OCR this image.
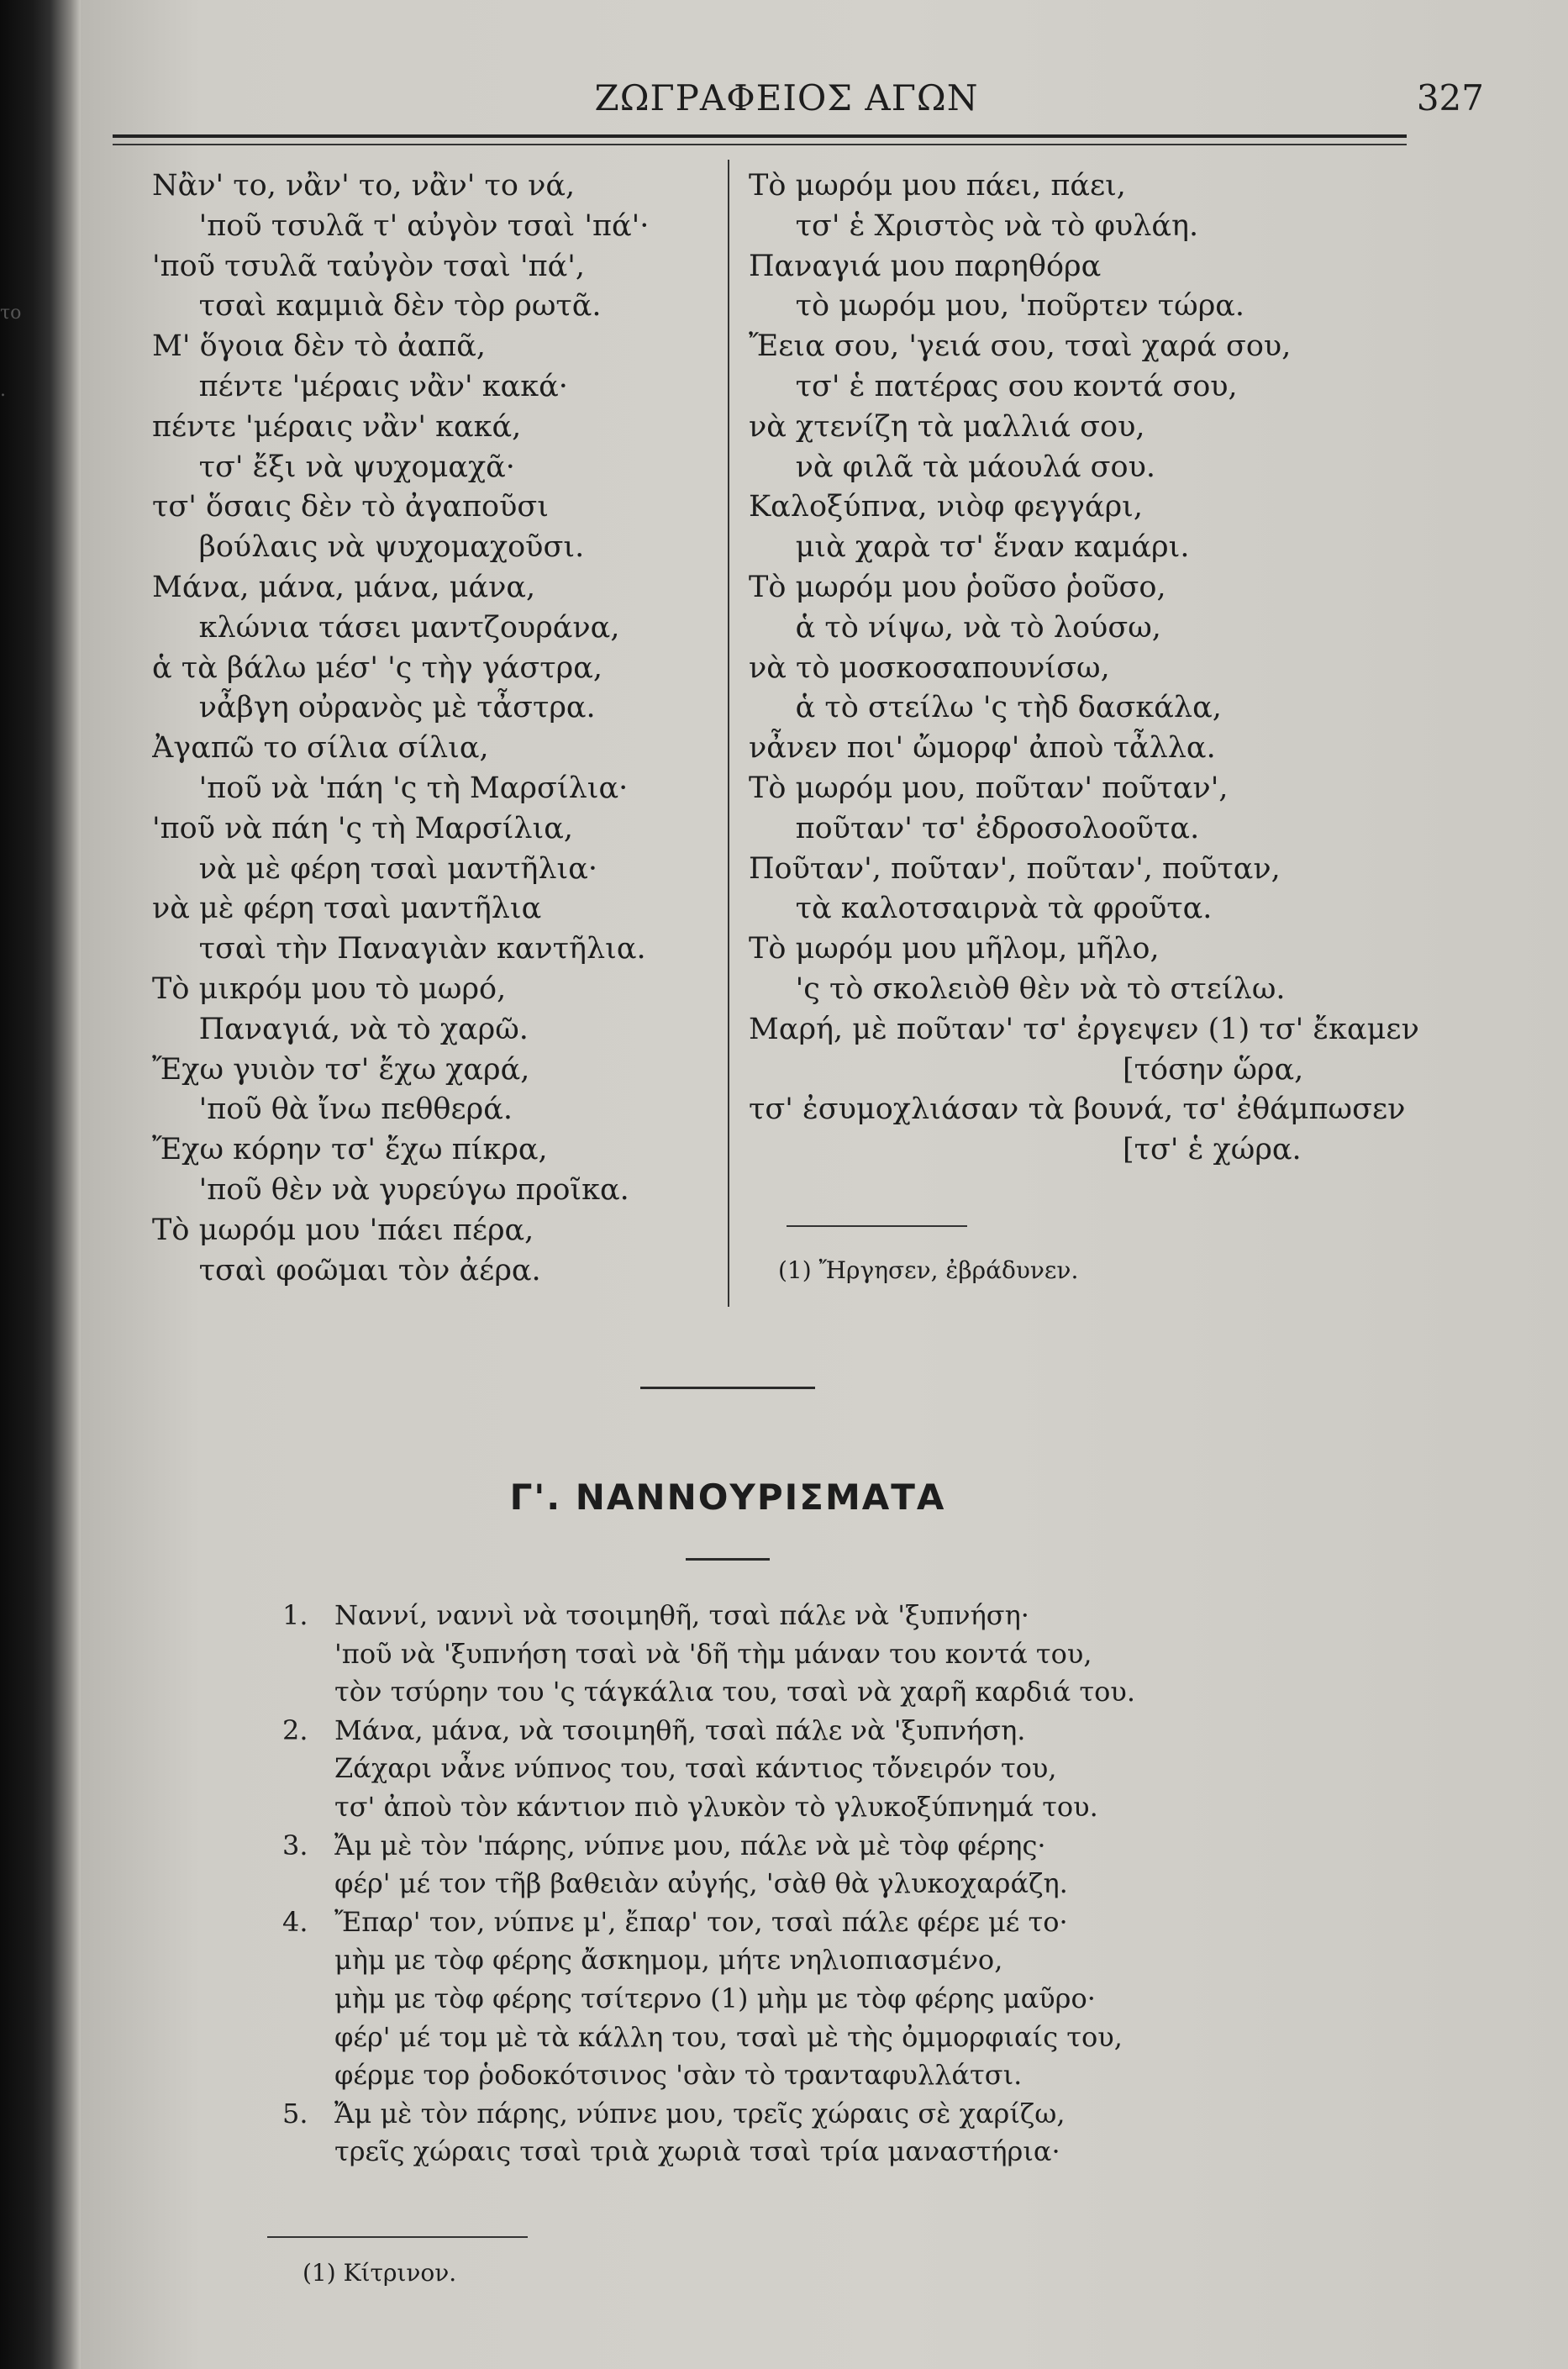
το
.
ΖΩΓΡΑΦΕΙΟΣ ΑΓΩΝ	327
Νἂν' το, νἂν' το, νἂν' το νά,
'ποῦ τσυλᾶ τ' αὐγὸν τσαὶ 'πά'·
'ποῦ τσυλᾶ ταὐγὸν τσαὶ 'πά',
τσαὶ καμμιὰ δὲν τὸρ ρωτᾶ.
Μ' ὅγοια δὲν τὸ ἀαπᾶ,
πέντε 'μέραις νἂν' κακά·
πέντε 'μέραις νἂν' κακά,
τσ' ἔξι νὰ ψυχομαχᾶ·
τσ' ὅσαις δὲν τὸ ἀγαποῦσι
βούλαις νὰ ψυχομαχοῦσι.
Μάνα, μάνα, μάνα, μάνα,
κλώνια τάσει μαντζουράνα,
ἁ τὰ βάλω μέσ' 'ς τὴγ γάστρα,
νἆβγη οὐρανὸς μὲ τἆστρα.
Ἀγαπῶ το σίλια σίλια,
'ποῦ νὰ 'πάη 'ς τὴ Μαρσίλια·
'ποῦ νὰ πάη 'ς τὴ Μαρσίλια,
νὰ μὲ φέρη τσαὶ μαντῆλια·
νὰ μὲ φέρη τσαὶ μαντῆλια
τσαὶ τὴν Παναγιὰν καντῆλια.
Τὸ μικρόμ μου τὸ μωρό,
Παναγιά, νὰ τὸ χαρῶ.
Ἔχω γυιὸν τσ' ἔχω χαρά,
'ποῦ θὰ ἴνω πεθθερά.
Ἔχω κόρην τσ' ἔχω πίκρα,
'ποῦ θὲν νὰ γυρεύγω προῖκα.
Τὸ μωρόμ μου 'πάει πέρα,
τσαὶ φοῶμαι τὸν ἀέρα.
Τὸ μωρόμ μου πάει, πάει,
τσ' ἑ Χριστὸς νὰ τὸ φυλάη.
Παναγιά μου παρηθόρα
τὸ μωρόμ μου, 'ποῦρτεν τώρα.
Ἔεια σου, 'γειά σου, τσαὶ χαρά σου,
τσ' ἑ πατέρας σου κοντά σου,
νὰ χτενίζη τὰ μαλλιά σου,
νὰ φιλᾶ τὰ μάουλά σου.
Καλοξύπνα, νιὸφ φεγγάρι,
μιὰ χαρὰ τσ' ἕναν καμάρι.
Τὸ μωρόμ μου ῥοῦσο ῥοῦσο,
ἁ τὸ νίψω, νὰ τὸ λούσω,
νὰ τὸ μοσκοσαπουνίσω,
ἁ τὸ στείλω 'ς τὴδ δασκάλα,
νἆνεν ποι' ὤμορφ' ἀποὺ τἆλλα.
Τὸ μωρόμ μου, ποῦταν' ποῦταν',
ποῦταν' τσ' ἐδροσολοοῦτα.
Ποῦταν', ποῦταν', ποῦταν', ποῦταν,
τὰ καλοτσαιρνὰ τὰ φροῦτα.
Τὸ μωρόμ μου μῆλομ, μῆλο,
'ς τὸ σκολειὸθ θὲν νὰ τὸ στείλω.
Μαρή, μὲ ποῦταν' τσ' ἐργεψεν (1) τσ' ἔκαμεν
[τόσην ὥρα,
τσ' ἐσυμοχλιάσαν τὰ βουνά, τσ' ἐθάμπωσεν
[τσ' ἑ χώρα.
(1) Ἤργησεν, ἐβράδυνεν.
Γ'. ΝΑΝΝΟΥΡΙΣΜΑΤΑ
1. Ναννί, ναννὶ νὰ τσοιμηθῆ, τσαὶ πάλε νὰ 'ξυπνήση·
'ποῦ νὰ 'ξυπνήση τσαὶ νὰ 'δῆ τὴμ μάναν του κοντά του,
τὸν τσύρην του 'ς τάγκάλια του, τσαὶ νὰ χαρῆ καρδιά του.
2. Μάνα, μάνα, νὰ τσοιμηθῆ, τσαὶ πάλε νὰ 'ξυπνήση.
Ζάχαρι νἆνε νύπνος του, τσαὶ κάντιος τὄνειρόν του,
τσ' ἀποὺ τὸν κάντιον πιὸ γλυκὸν τὸ γλυκοξύπνημά του.
3. Ἄμ μὲ τὸν 'πάρης, νύπνε μου, πάλε νὰ μὲ τὸφ φέρης·
φέρ' μέ τον τῆβ βαθειὰν αὐγής, 'σὰθ θὰ γλυκοχαράζη.
4. Ἔπαρ' τον, νύπνε μ', ἔπαρ' τον, τσαὶ πάλε φέρε μέ το·
μὴμ με τὸφ φέρης ἄσκημομ, μήτε νηλιοπιασμένο,
μὴμ με τὸφ φέρης τσίτερνο (1) μὴμ με τὸφ φέρης μαῦρο·
φέρ' μέ τομ μὲ τὰ κάλλη του, τσαὶ μὲ τὴς ὀμμορφιαίς του,
φέρμε τορ ῥοδοκότσινος 'σὰν τὸ τρανταφυλλάτσι.
5. Ἄμ μὲ τὸν πάρης, νύπνε μου, τρεῖς χώραις σὲ χαρίζω,
τρεῖς χώραις τσαὶ τριὰ χωριὰ τσαὶ τρία μαναστήρια·
(1) Κίτρινον.
